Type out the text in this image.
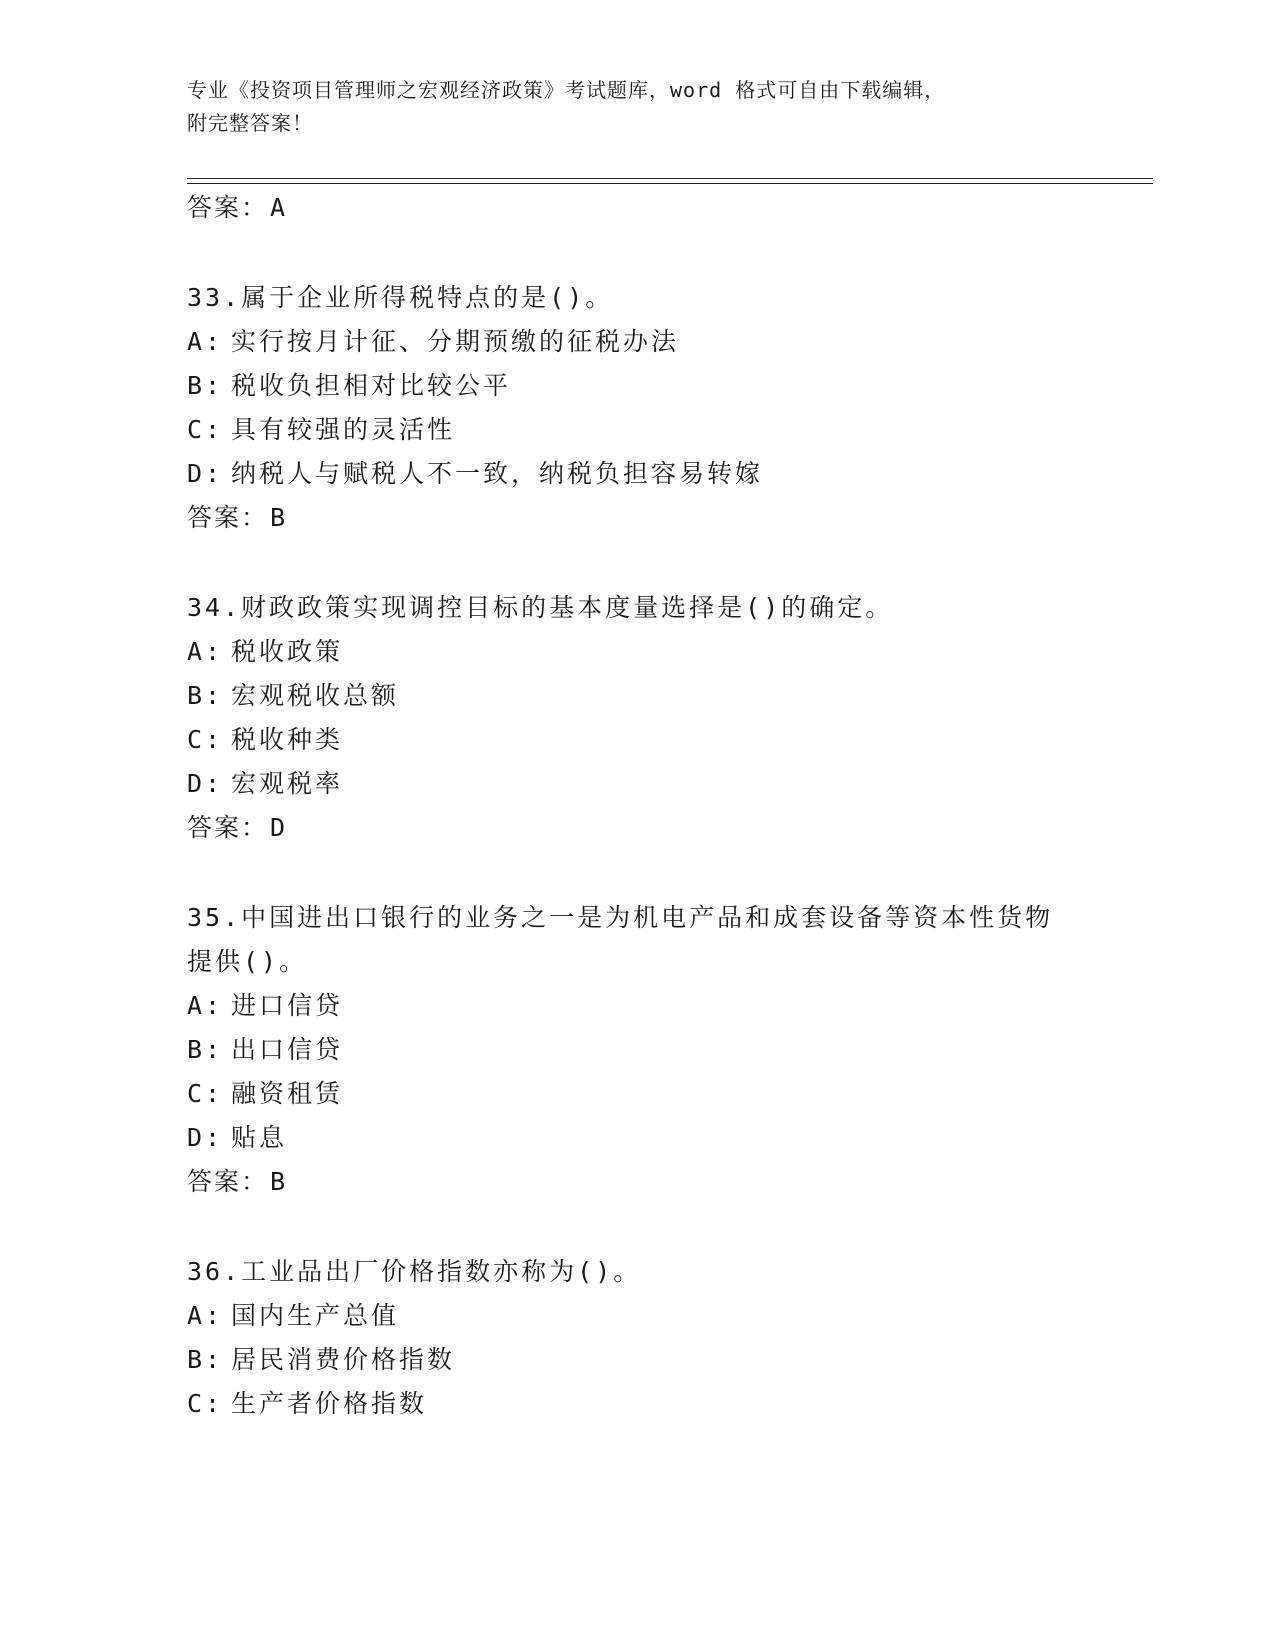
专业《投资项目管理师之宏观经济政策》考试题库，word 格式可自由下载编辑，
附完整答案！
答案：A
33.属于企业所得税特点的是()。
A: 实行按月计征、分期预缴的征税办法
B: 税收负担相对比较公平
C: 具有较强的灵活性
D: 纳税人与赋税人不一致，纳税负担容易转嫁
答案：B
34.财政政策实现调控目标的基本度量选择是()的确定。
A: 税收政策
B: 宏观税收总额
C: 税收种类
D: 宏观税率
答案：D
35.中国进出口银行的业务之一是为机电产品和成套设备等资本性货物
提供()。
A: 进口信贷
B: 出口信贷
C: 融资租赁
D: 贴息
答案：B
36.工业品出厂价格指数亦称为()。
A: 国内生产总值
B: 居民消费价格指数
C: 生产者价格指数
